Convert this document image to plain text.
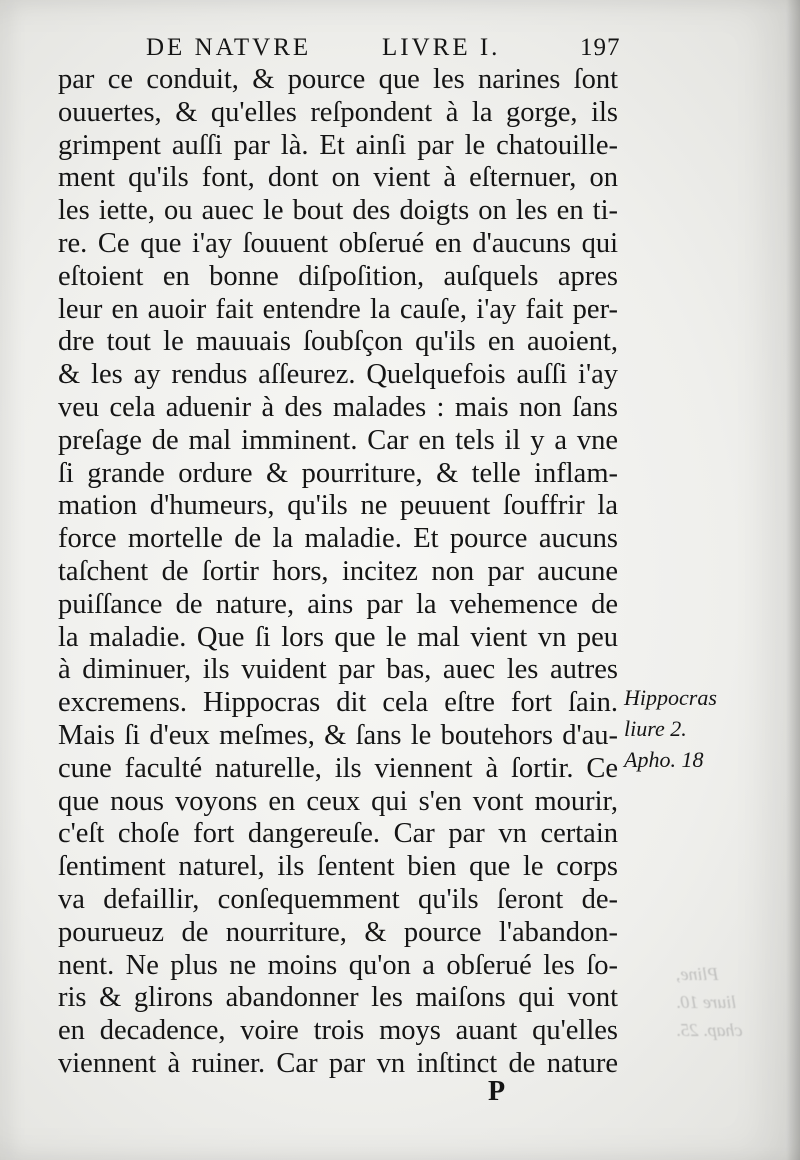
DE NATVRE	LIVRE I.	197
par ce conduit, & pource que les narines ſont
ouuertes, & qu'elles reſpondent à la gorge, ils
grimpent auſſi par là. Et ainſi par le chatouille-
ment qu'ils font, dont on vient à eſternuer, on
les iette, ou auec le bout des doigts on les en ti-
re. Ce que i'ay ſouuent obſerué en d'aucuns qui
eſtoient en bonne diſpoſition, auſquels apres
leur en auoir fait entendre la cauſe, i'ay fait per-
dre tout le mauuais ſoubſçon qu'ils en auoient,
& les ay rendus aſſeurez. Quelquefois auſſi i'ay
veu cela aduenir à des malades : mais non ſans
preſage de mal imminent. Car en tels il y a vne
ſi grande ordure & pourriture, & telle inflam-
mation d'humeurs, qu'ils ne peuuent ſouffrir la
force mortelle de la maladie. Et pource aucuns
taſchent de ſortir hors, incitez non par aucune
puiſſance de nature, ains par la vehemence de
la maladie. Que ſi lors que le mal vient vn peu
à diminuer, ils vuident par bas, auec les autres
excremens. Hippocras dit cela eſtre fort ſain.
Mais ſi d'eux meſmes, & ſans le boutehors d'au-
cune faculté naturelle, ils viennent à ſortir. Ce
que nous voyons en ceux qui s'en vont mourir,
c'eſt choſe fort dangereuſe. Car par vn certain
ſentiment naturel, ils ſentent bien que le corps
va defaillir, conſequemment qu'ils ſeront de-
pourueuz de nourriture, & pource l'abandon-
nent. Ne plus ne moins qu'on a obſerué les ſo-
ris & glirons abandonner les maiſons qui vont
en decadence, voire trois moys auant qu'elles
viennent à ruiner. Car par vn inſtinct de nature
Hippocras
liure 2.
Apho. 18
Pline,
liure 10.
chap. 25.
P
